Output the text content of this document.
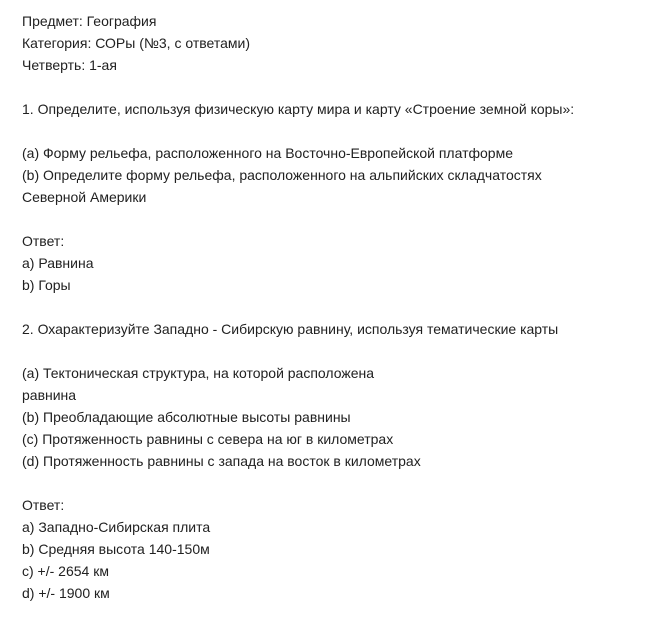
Предмет: География
Категория: СОРы (№3, с ответами)
Четверть: 1-ая
1. Определите, используя физическую карту мира и карту «Строение земной коры»:
(a) Форму рельефа, расположенного на Восточно-Европейской платформе
(b) Определите форму рельефа, расположенного на альпийских складчатостях
Северной Америки
Ответ:
a) Равнина
b) Горы
2. Охарактеризуйте Западно - Сибирскую равнину, используя тематические карты
(a) Тектоническая структура, на которой расположена
равнина
(b) Преобладающие абсолютные высоты равнины
(c) Протяженность равнины с севера на юг в километрах
(d) Протяженность равнины с запада на восток в километрах
Ответ:
a) Западно-Сибирская плита
b) Средняя высота 140-150м
c) +/- 2654 км
d) +/- 1900 км
